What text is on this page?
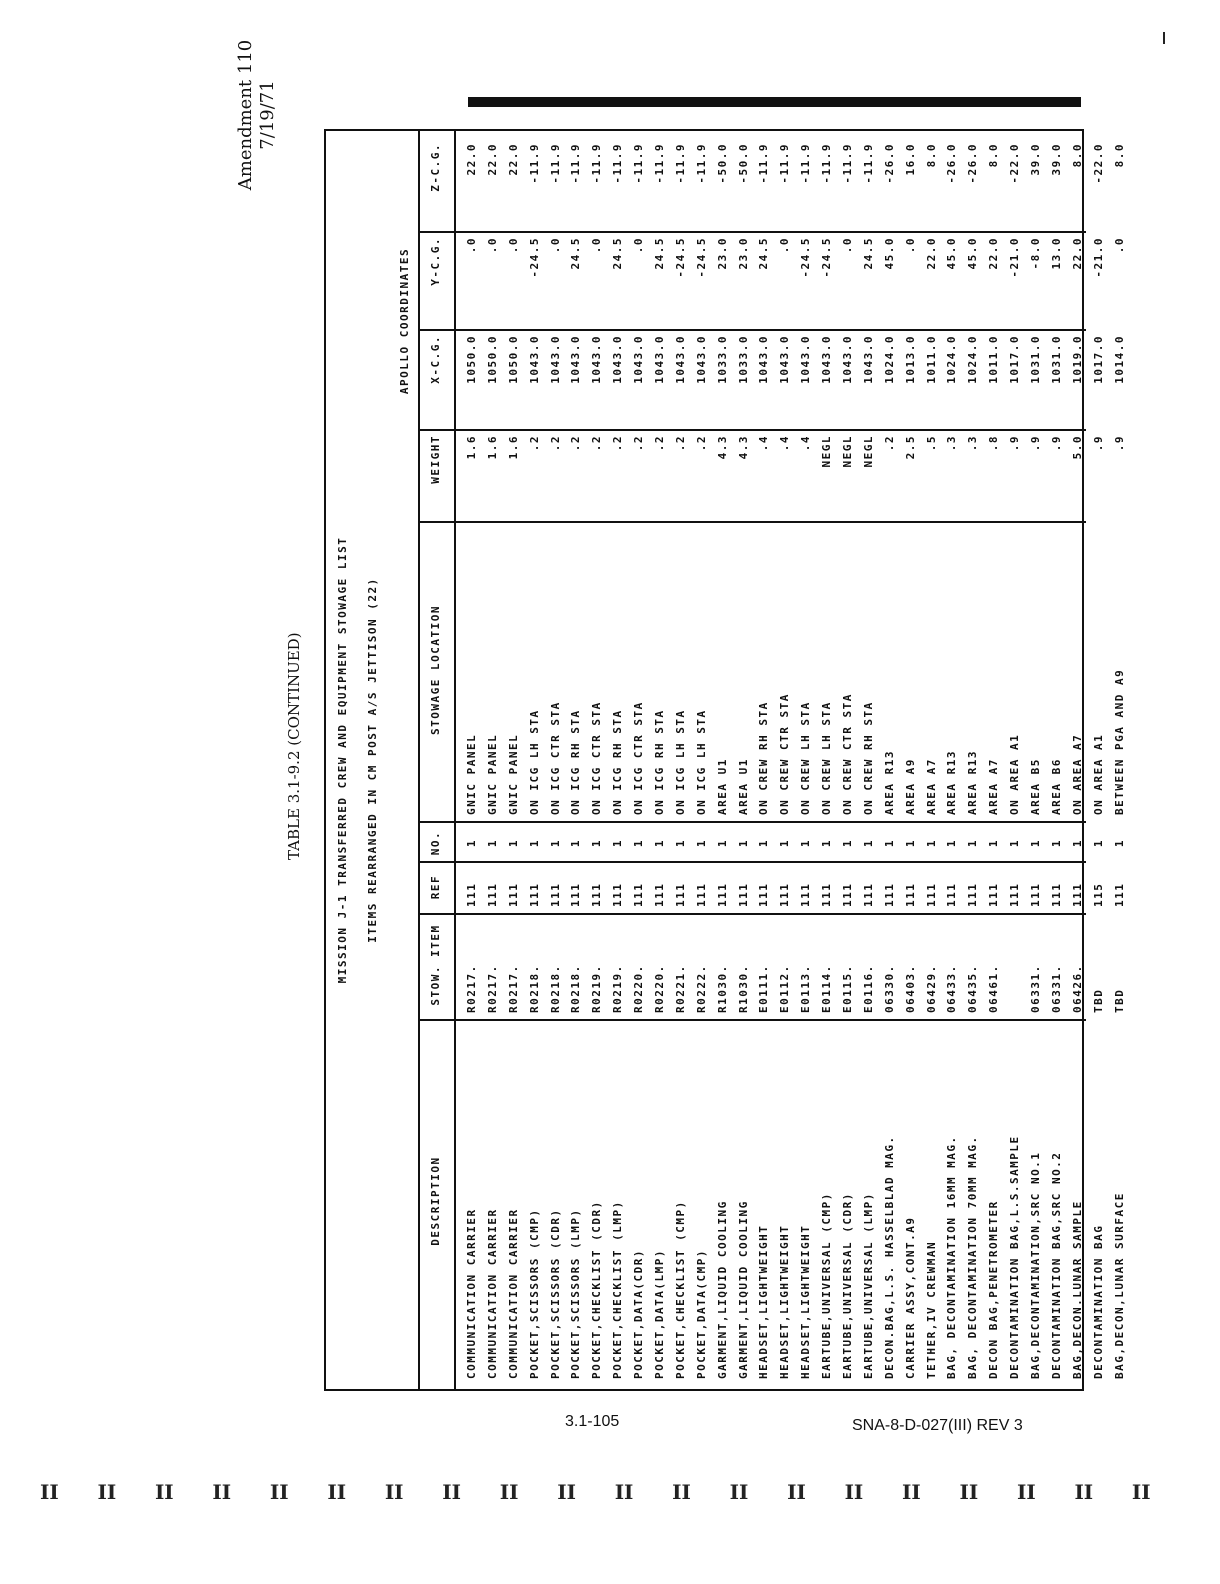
Amendment 110 7/19/71
TABLE 3.1-9.2 (CONTINUED)	MISSION J-1 TRANSFERRED CREW AND EQUIPMENT STOWAGE LIST ITEMS REARRANGED IN CM POST A/S JETTISON (22)
APOLLO COORDINATES
DESCRIPTION
STOW. ITEM
REF
NO.
STOWAGE LOCATION
WEIGHT
X-C.G.
Y-C.G.
Z-C.G.
COMMUNICATION CARRIER
R0217.
111
1
GNIC PANEL
1.6
1050.0
.0
22.0
COMMUNICATION CARRIER
R0217.
111
1
GNIC PANEL
1.6
1050.0
.0
22.0
COMMUNICATION CARRIER
R0217.
111
1
GNIC PANEL
1.6
1050.0
.0
22.0
POCKET,SCISSORS (CMP)
R0218.
111
1
ON ICG LH STA
.2
1043.0
-24.5
-11.9
POCKET,SCISSORS (CDR)
R0218.
111
1
ON ICG CTR STA
.2
1043.0
.0
-11.9
POCKET,SCISSORS (LMP)
R0218.
111
1
ON ICG RH STA
.2
1043.0
24.5
-11.9
POCKET,CHECKLIST (CDR)
R0219.
111
1
ON ICG CTR STA
.2
1043.0
.0
-11.9
POCKET,CHECKLIST (LMP)
R0219.
111
1
ON ICG RH STA
.2
1043.0
24.5
-11.9
POCKET,DATA(CDR)
R0220.
111
1
ON ICG CTR STA
.2
1043.0
.0
-11.9
POCKET,DATA(LMP)
R0220.
111
1
ON ICG RH STA
.2
1043.0
24.5
-11.9
POCKET,CHECKLIST (CMP)
R0221.
111
1
ON ICG LH STA
.2
1043.0
-24.5
-11.9
POCKET,DATA(CMP)
R0222.
111
1
ON ICG LH STA
.2
1043.0
-24.5
-11.9
GARMENT,LIQUID COOLING
R1030.
111
1
AREA U1
4.3
1033.0
23.0
-50.0
GARMENT,LIQUID COOLING
R1030.
111
1
AREA U1
4.3
1033.0
23.0
-50.0
HEADSET,LIGHTWEIGHT
E0111.
111
1
ON CREW RH STA
.4
1043.0
24.5
-11.9
HEADSET,LIGHTWEIGHT
E0112.
111
1
ON CREW CTR STA
.4
1043.0
.0
-11.9
HEADSET,LIGHTWEIGHT
E0113.
111
1
ON CREW LH STA
.4
1043.0
-24.5
-11.9
EARTUBE,UNIVERSAL (CMP)
E0114.
111
1
ON CREW LH STA
NEGL
1043.0
-24.5
-11.9
EARTUBE,UNIVERSAL (CDR)
E0115.
111
1
ON CREW CTR STA
NEGL
1043.0
.0
-11.9
EARTUBE,UNIVERSAL (LMP)
E0116.
111
1
ON CREW RH STA
NEGL
1043.0
24.5
-11.9
DECON.BAG,L.S. HASSELBLAD MAG.
06330.
111
1
AREA R13
.2
1024.0
45.0
-26.0
CARRIER ASSY,CONT.A9
06403.
111
1
AREA A9
2.5
1013.0
.0
16.0
TETHER,IV CREWMAN
06429.
111
1
AREA A7
.5
1011.0
22.0
8.0
BAG, DECONTAMINATION 16MM MAG.
06433.
111
1
AREA R13
.3
1024.0
45.0
-26.0
BAG, DECONTAMINATION 70MM MAG.
06435.
111
1
AREA R13
.3
1024.0
45.0
-26.0
DECON BAG,PENETROMETER
06461.
111
1
AREA A7
.8
1011.0
22.0
8.0
DECONTAMINATION BAG,L.S.SAMPLE
111
1
ON AREA A1
.9
1017.0
-21.0
-22.0
BAG,DECONTAMINATION,SRC NO.1
06331.
111
1
AREA B5
.9
1031.0
-8.0
39.0
DECONTAMINATION BAG,SRC NO.2
06331.
111
1
AREA B6
.9
1031.0
13.0
39.0
BAG,DECON.LUNAR SAMPLE
06426.
111
1
ON AREA A7
5.0
1019.0
22.0
8.0
DECONTAMINATION BAG
TBD
115
1
ON AREA A1
.9
1017.0
-21.0
-22.0
BAG,DECON,LUNAR SURFACE
TBD
111
1
BETWEEN PGA AND A9
.9
1014.0
.0
8.0
3.1-105	SNA-8-D-027(III) REV 3
II II II II II II II II II II II II II II II II II II II II
